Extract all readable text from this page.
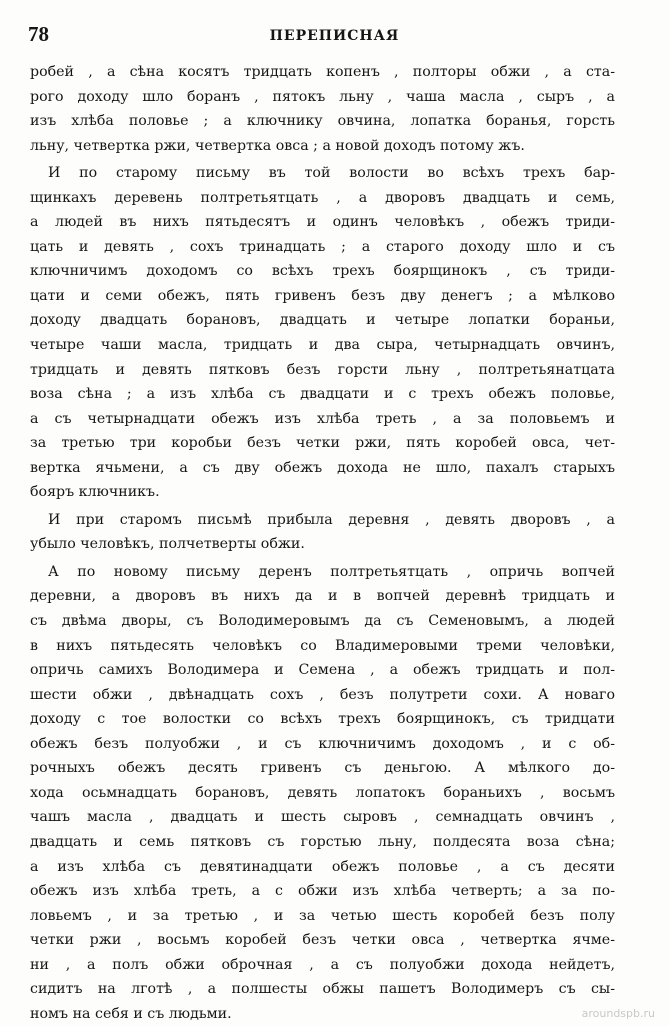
78	ПЕРЕПИСНАЯ
робей , а сѣна косятъ тридцать копенъ , полторы обжи , а ста-
рого доходу шло боранъ , пятокъ льну , чаша масла , сыръ , а
изъ хлѣба половье ; а ключнику овчина, лопатка боранья, горсть
льну, четвертка ржи, четвертка овса ; а новой доходъ потому жъ.
И по старому письму въ той волости во всѣхъ трехъ бар-
щинкахъ деревень полтретьятцать , а дворовъ двадцать и семь,
а людей въ нихъ пятьдесятъ и одинъ человѣкъ , обежъ триди-
цать и девять , сохъ тринадцать ; а старого доходу шло и съ
ключничимъ доходомъ со всѣхъ трехъ боярщинокъ , съ триди-
цати и семи обежъ, пять гривенъ безъ дву денегъ ; а мѣлково
доходу двадцать борановъ, двадцать и четыре лопатки бораньи,
четыре чаши масла, тридцать и два сыра, четырнадцать овчинъ,
тридцать и девять пятковъ безъ горсти льну , полтретьянатцата
воза сѣна ; а изъ хлѣба съ двадцати и с трехъ обежъ половье,
а съ четырнадцати обежъ изъ хлѣба треть , а за половьемъ и
за третью три коробьи безъ четки ржи, пять коробей овса, чет-
вертка ячьмени, а съ дву обежъ дохода не шло, пахалъ старыхъ
бояръ ключникъ.
И при старомъ письмѣ прибыла деревня , девять дворовъ , а
убыло человѣкъ, полчетверты обжи.
А по новому письму деренъ полтретьятцать , опричь вопчей
деревни, а дворовъ въ нихъ да и в вопчей деревнѣ тридцать и
съ двѣма дворы, съ Володимеровымъ да съ Семеновымъ, а людей
в нихъ пятьдесять человѣкъ со Владимеровыми треми человѣки,
опричь самихъ Володимера и Семена , а обежъ тридцать и пол-
шести обжи , двѣнадцать сохъ , безъ полутрети сохи. А новаго
доходу с тое волостки со всѣхъ трехъ боярщинокъ, съ тридцати
обежъ безъ полуобжи , и съ ключничимъ доходомъ , и с об-
рочныхъ обежъ десять гривенъ съ деньгою. А мѣлкого до-
хода осьмнадцать борановъ, девять лопатокъ бораньихъ , восьмъ
чашъ масла , двадцать и шесть сыровъ , семнадцать овчинъ ,
двадцать и семь пятковъ съ горстью льну, полдесята воза сѣна;
а изъ хлѣба съ девятинадцати обежъ половье , а съ десяти
обежъ изъ хлѣба треть, а с обжи изъ хлѣба четверть; а за по-
ловьемъ , и за третью , и за четью шесть коробей безъ полу
четки ржи , восьмъ коробей безъ четки овса , четвертка ячме-
ни , а полъ обжи оброчная , а съ полуобжи дохода нейдетъ,
сидитъ на лготѣ , а полшесты обжы пашетъ Володимеръ съ сы-
номъ на себя и съ людьми.	aroundspb.ru
